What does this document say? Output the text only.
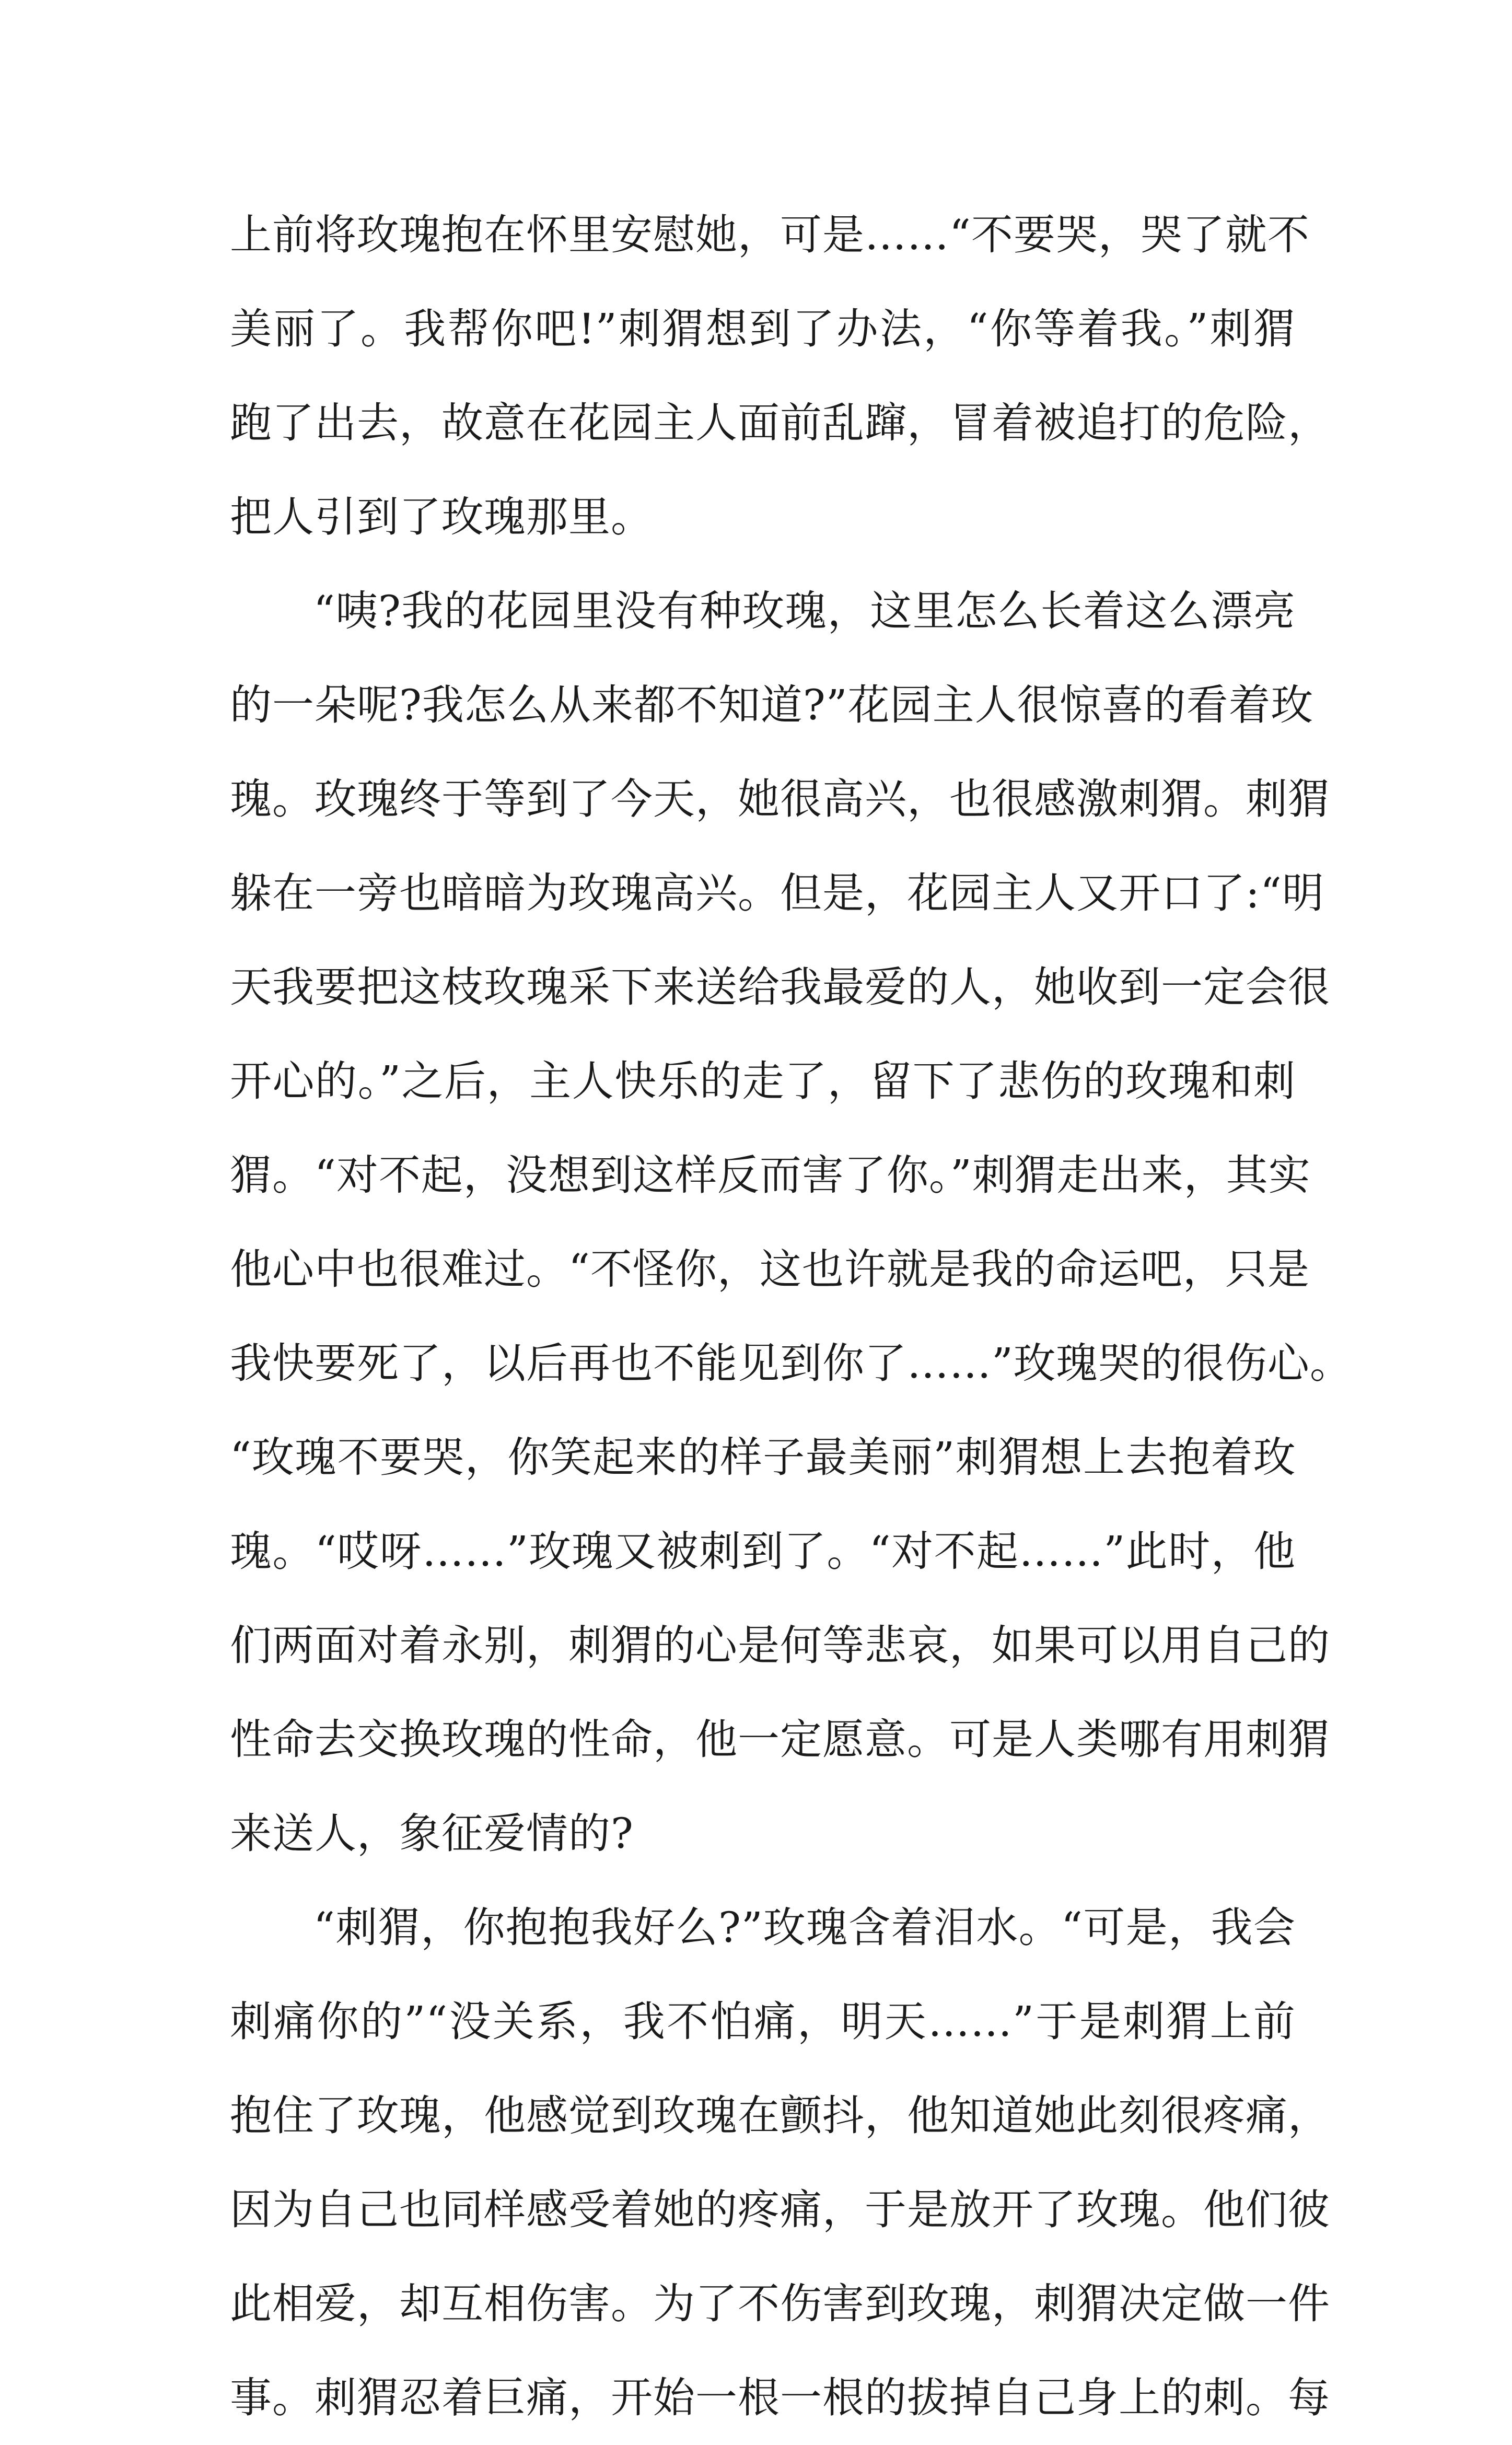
上前将玫瑰抱在怀里安慰她，可是……“不要哭，哭了就不
美丽了。我帮你吧!”刺猬想到了办法，“你等着我。”刺猬
跑了出去，故意在花园主人面前乱蹿，冒着被追打的危险，
把人引到了玫瑰那里。
“咦?我的花园里没有种玫瑰，这里怎么长着这么漂亮
的一朵呢?我怎么从来都不知道?”花园主人很惊喜的看着玫
瑰。玫瑰终于等到了今天，她很高兴，也很感激刺猬。刺猬
躲在一旁也暗暗为玫瑰高兴。但是，花园主人又开口了:“明
天我要把这枝玫瑰采下来送给我最爱的人，她收到一定会很
开心的。”之后，主人快乐的走了，留下了悲伤的玫瑰和刺
猬。“对不起，没想到这样反而害了你。”刺猬走出来，其实
他心中也很难过。“不怪你，这也许就是我的命运吧，只是
我快要死了，以后再也不能见到你了……”玫瑰哭的很伤心。
“玫瑰不要哭，你笑起来的样子最美丽”刺猬想上去抱着玫
瑰。“哎呀……”玫瑰又被刺到了。“对不起……”此时，他
们两面对着永别，刺猬的心是何等悲哀，如果可以用自己的
性命去交换玫瑰的性命，他一定愿意。可是人类哪有用刺猬
来送人，象征爱情的?
“刺猬，你抱抱我好么?”玫瑰含着泪水。“可是，我会
刺痛你的”“没关系，我不怕痛，明天……”于是刺猬上前
抱住了玫瑰，他感觉到玫瑰在颤抖，他知道她此刻很疼痛，
因为自己也同样感受着她的疼痛，于是放开了玫瑰。他们彼
此相爱，却互相伤害。为了不伤害到玫瑰，刺猬决定做一件
事。刺猬忍着巨痛，开始一根一根的拔掉自己身上的刺。每
